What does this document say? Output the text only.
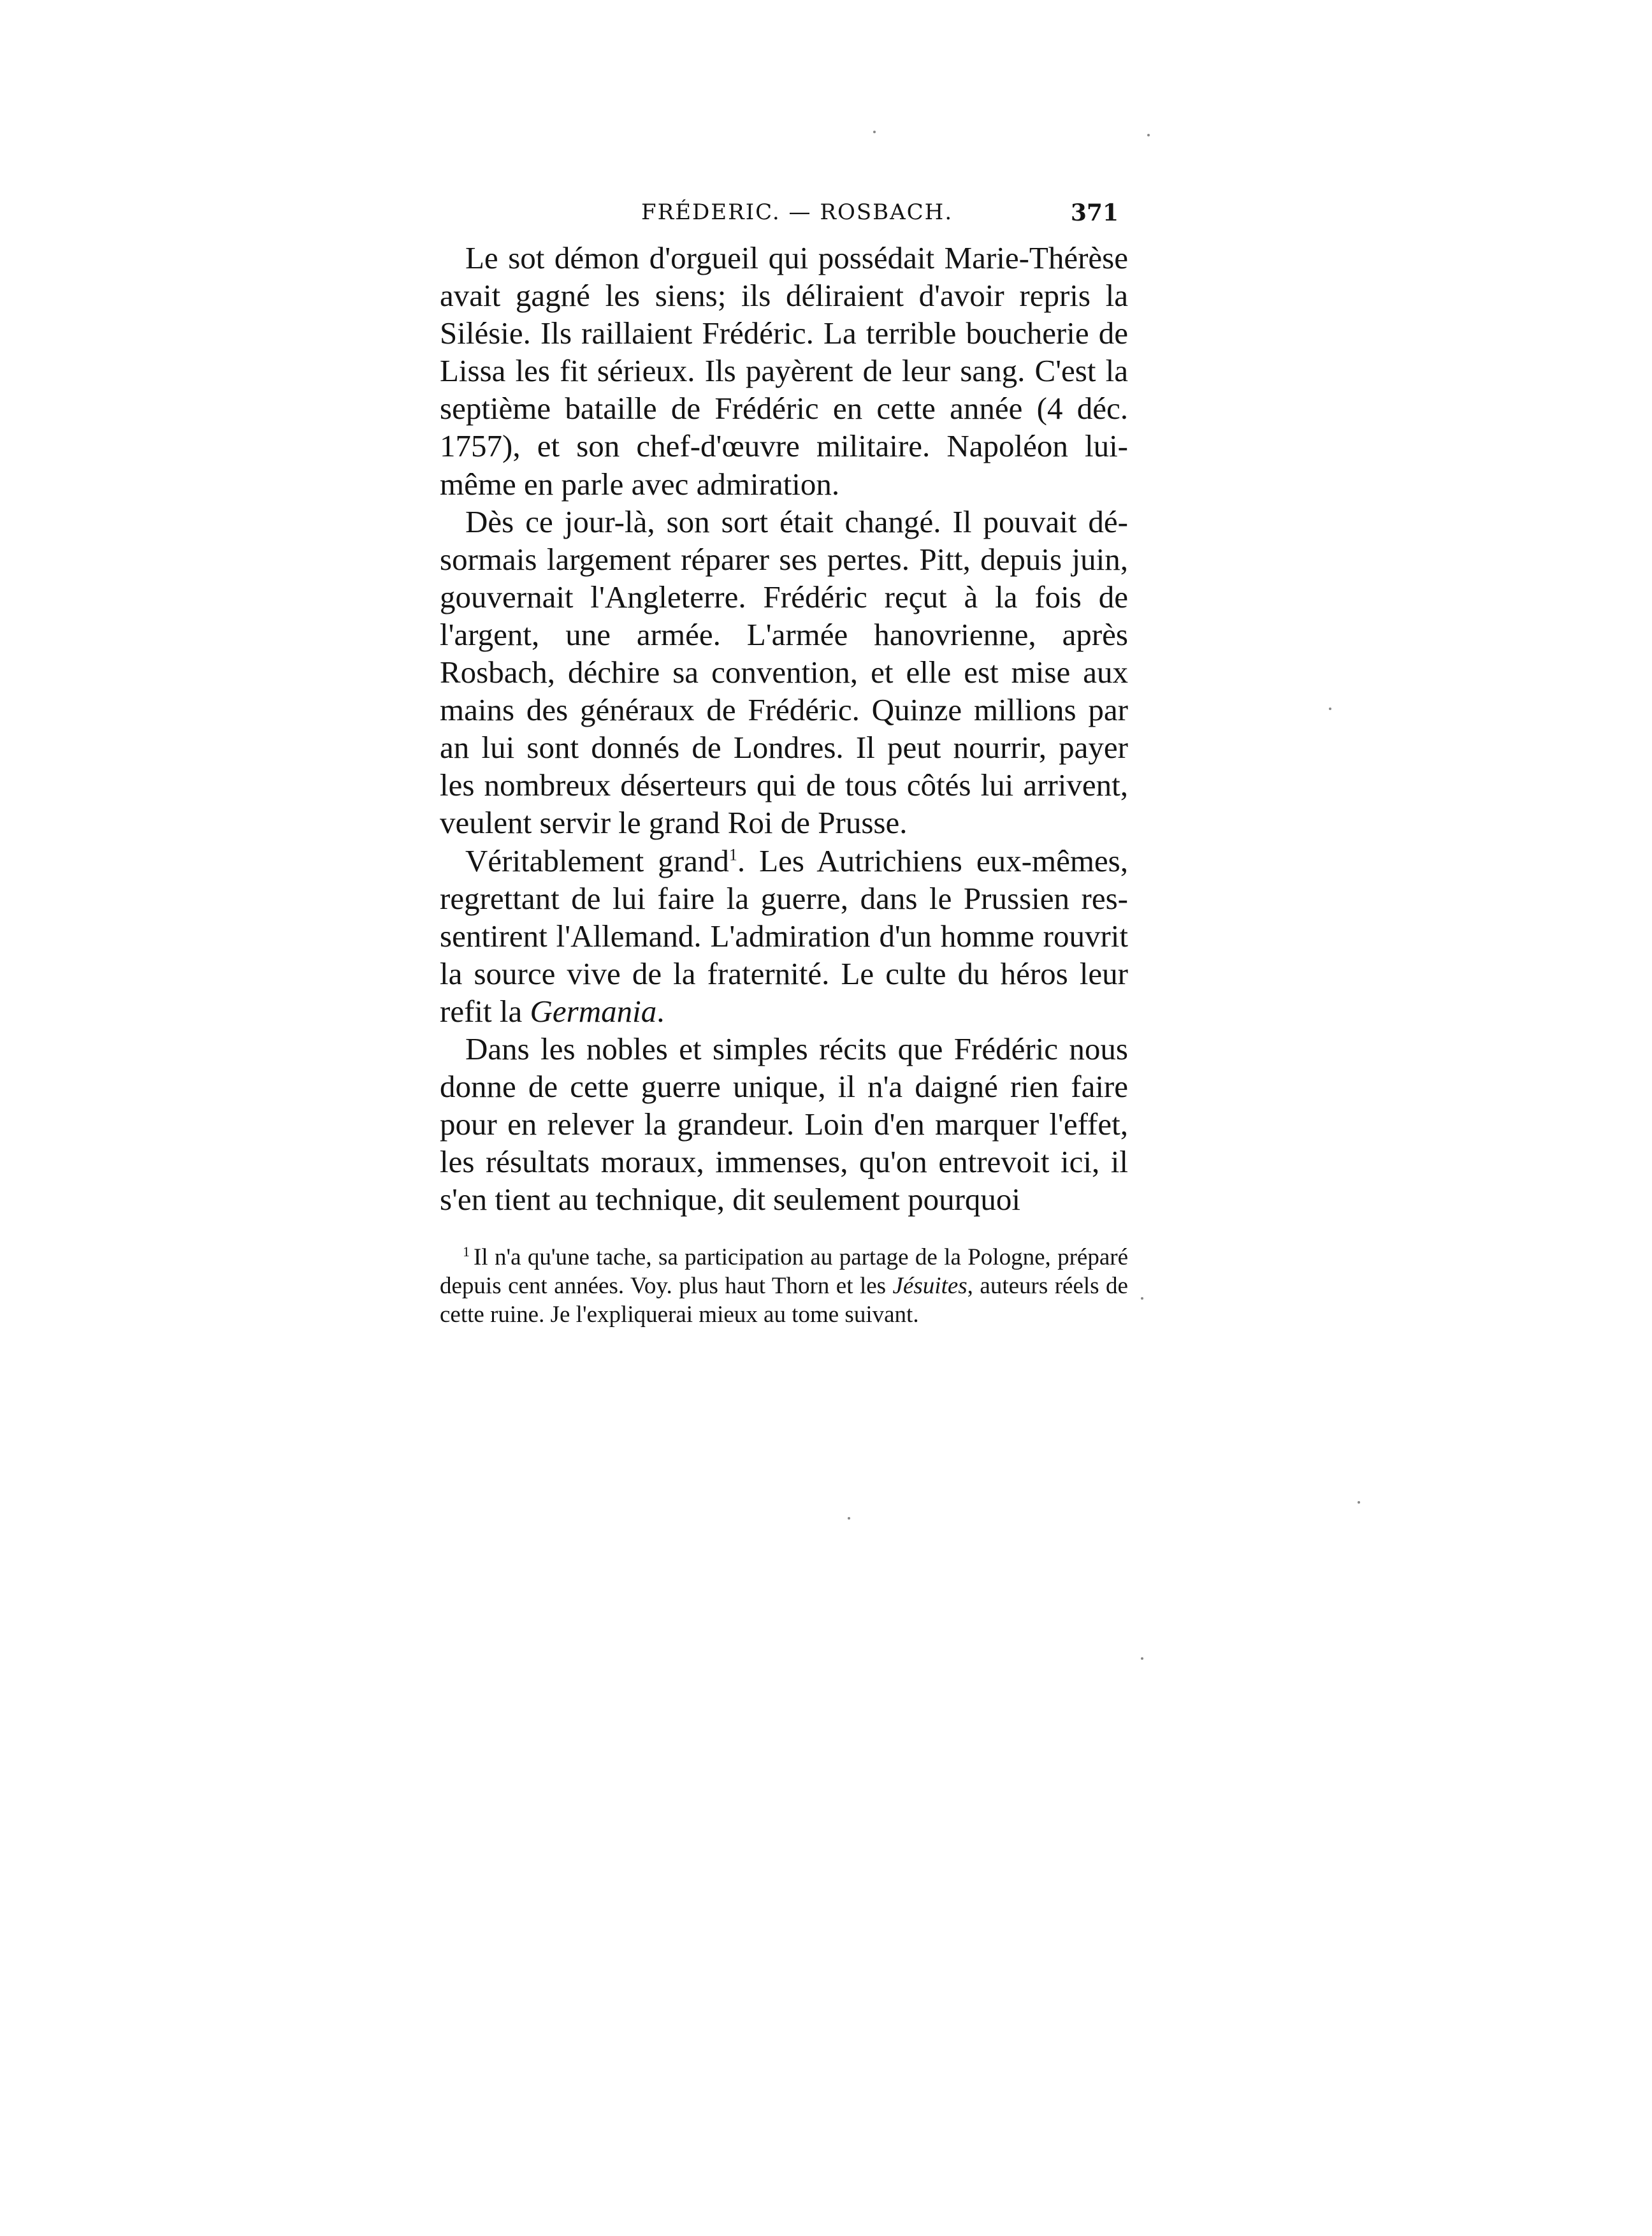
FRÉDERIC. — ROSBACH.	371

Le sot démon d'orgueil qui possédait Marie-Thérèse avait gagné les siens; ils déliraient d'avoir repris la Silésie. Ils raillaient Frédéric. La terrible boucherie de Lissa les fit sérieux. Ils payèrent de leur sang. C'est la septième bataille de Frédéric en cette année (4 déc. 1757), et son chef-d'œuvre militaire. Napoléon lui-même en parle avec admiration.

Dès ce jour-là, son sort était changé. Il pouvait désormais largement réparer ses pertes. Pitt, depuis juin, gouvernait l'Angleterre. Frédéric reçut à la fois de l'argent, une armée. L'armée hanovrienne, après Rosbach, déchire sa convention, et elle est mise aux mains des généraux de Frédéric. Quinze millions par an lui sont donnés de Londres. Il peut nourrir, payer les nombreux déserteurs qui de tous côtés lui arrivent, veulent servir le grand Roi de Prusse.

Véritablement grand$^1$. Les Autrichiens eux-mêmes, regrettant de lui faire la guerre, dans le Prussien ressentirent l'Allemand. L'admiration d'un homme rouvrit la source vive de la fraternité. Le culte du héros leur refit la Germania.

Dans les nobles et simples récits que Frédéric nous donne de cette guerre unique, il n'a daigné rien faire pour en relever la grandeur. Loin d'en marquer l'effet, les résultats moraux, immenses, qu'on entrevoit ici, il s'en tient au technique, dit seulement pourquoi

$^1$ Il n'a qu'une tache, sa participation au partage de la Pologne, préparé depuis cent années. Voy. plus haut Thorn et les Jésuites, auteurs réels de cette ruine. Je l'expliquerai mieux au tome suivant.
